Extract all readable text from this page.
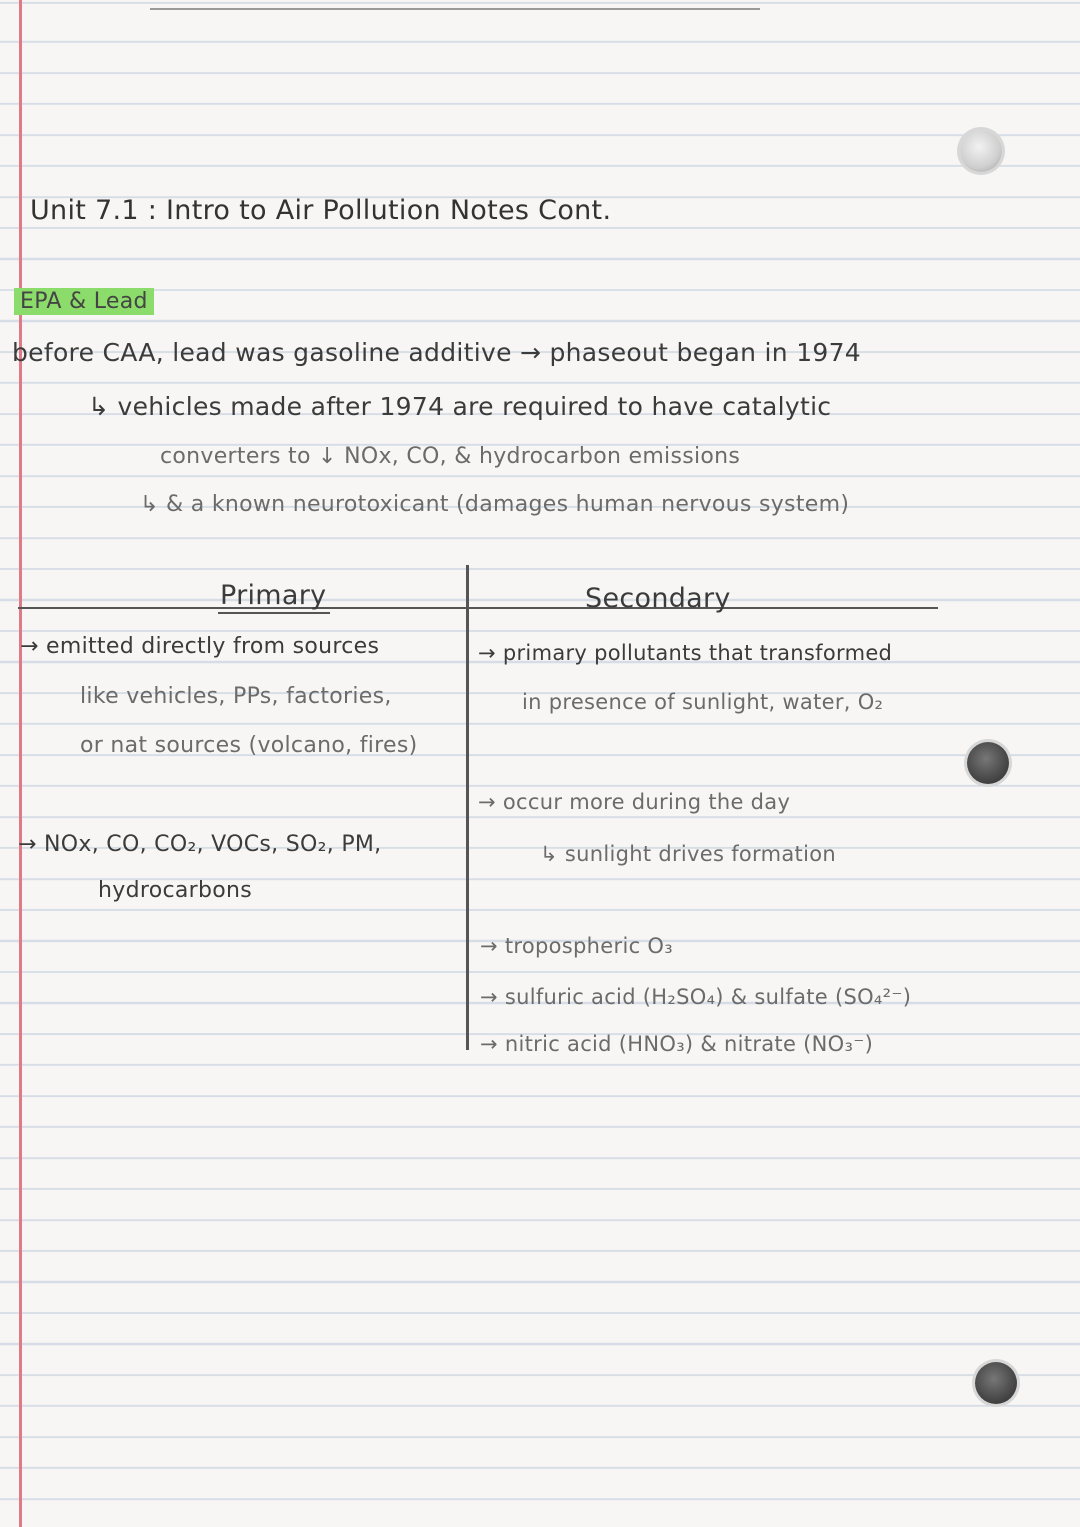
Unit 7.1 : Intro to Air Pollution Notes Cont.
EPA & Lead
before CAA, lead was gasoline additive → phaseout began in 1974
↳ vehicles made after 1974 are required to have catalytic
converters to ↓ NOx, CO, & hydrocarbon emissions
↳ & a known neurotoxicant (damages human nervous system)
Primary	Secondary
→ emitted directly from sources
like vehicles, PPs, factories,
or nat sources (volcano, fires)
→ NOx, CO, CO₂, VOCs, SO₂, PM,
hydrocarbons
→ primary pollutants that transformed
in presence of sunlight, water, O₂
→ occur more during the day
↳ sunlight drives formation
→ tropospheric O₃
→ sulfuric acid (H₂SO₄) & sulfate (SO₄²⁻)
→ nitric acid (HNO₃) & nitrate (NO₃⁻)
